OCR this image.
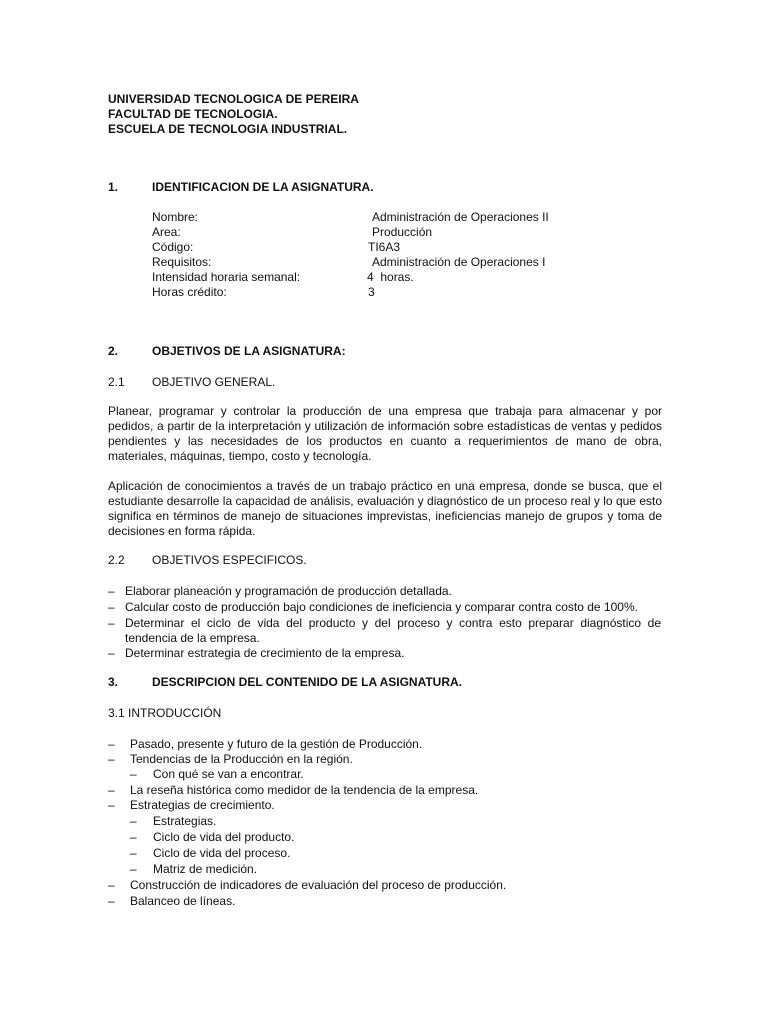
UNIVERSIDAD TECNOLOGICA DE PEREIRA
FACULTAD DE TECNOLOGIA.
ESCUELA DE TECNOLOGIA INDUSTRIAL.
1.	IDENTIFICACION DE LA ASIGNATURA.
Nombre:	Administración de Operaciones II
Area:	Producción
Código:	TI6A3
Requisitos:	Administración de Operaciones I
Intensidad horaria semanal:	4  horas.
Horas crédito:	3
2.	OBJETIVOS DE LA ASIGNATURA:
2.1 OBJETIVO GENERAL.
Planear, programar y controlar la producción de una empresa que trabaja para almacenar y por pedidos, a partir de la interpretación y utilización de información sobre estadísticas de ventas y pedidos pendientes y las necesidades de los productos en cuanto a requerimientos de mano de obra, materiales, máquinas, tiempo, costo y tecnología.
Aplicación de conocimientos a través de un trabajo práctico en una empresa, donde se busca, que el estudiante desarrolle la capacidad de análisis, evaluación y diagnóstico de un proceso real y lo que esto significa en términos de manejo de situaciones imprevistas, ineficiencias manejo de grupos y toma de decisiones en forma rápida.
2.2 OBJETIVOS ESPECIFICOS.
– Elaborar planeación y programación de producción detallada.
– Calcular costo de producción bajo condiciones de ineficiencia y comparar contra costo de 100%.
– Determinar el ciclo de vida del producto y del proceso y contra esto preparar diagnóstico de tendencia de la empresa.
– Determinar estrategia de crecimiento de la empresa.
3.	DESCRIPCION DEL CONTENIDO DE LA ASIGNATURA.
3.1 INTRODUCCIÓN
– Pasado, presente y futuro de la gestión de Producción.
– Tendencias de la Producción en la región.
– Con qué se van a encontrar.
– La reseña histórica como medidor de la tendencia de la empresa.
– Estrategias de crecimiento.
– Estrategias.
– Ciclo de vida del producto.
– Ciclo de vida del proceso.
– Matriz de medición.
– Construcción de indicadores de evaluación del proceso de producción.
– Balanceo de líneas.
